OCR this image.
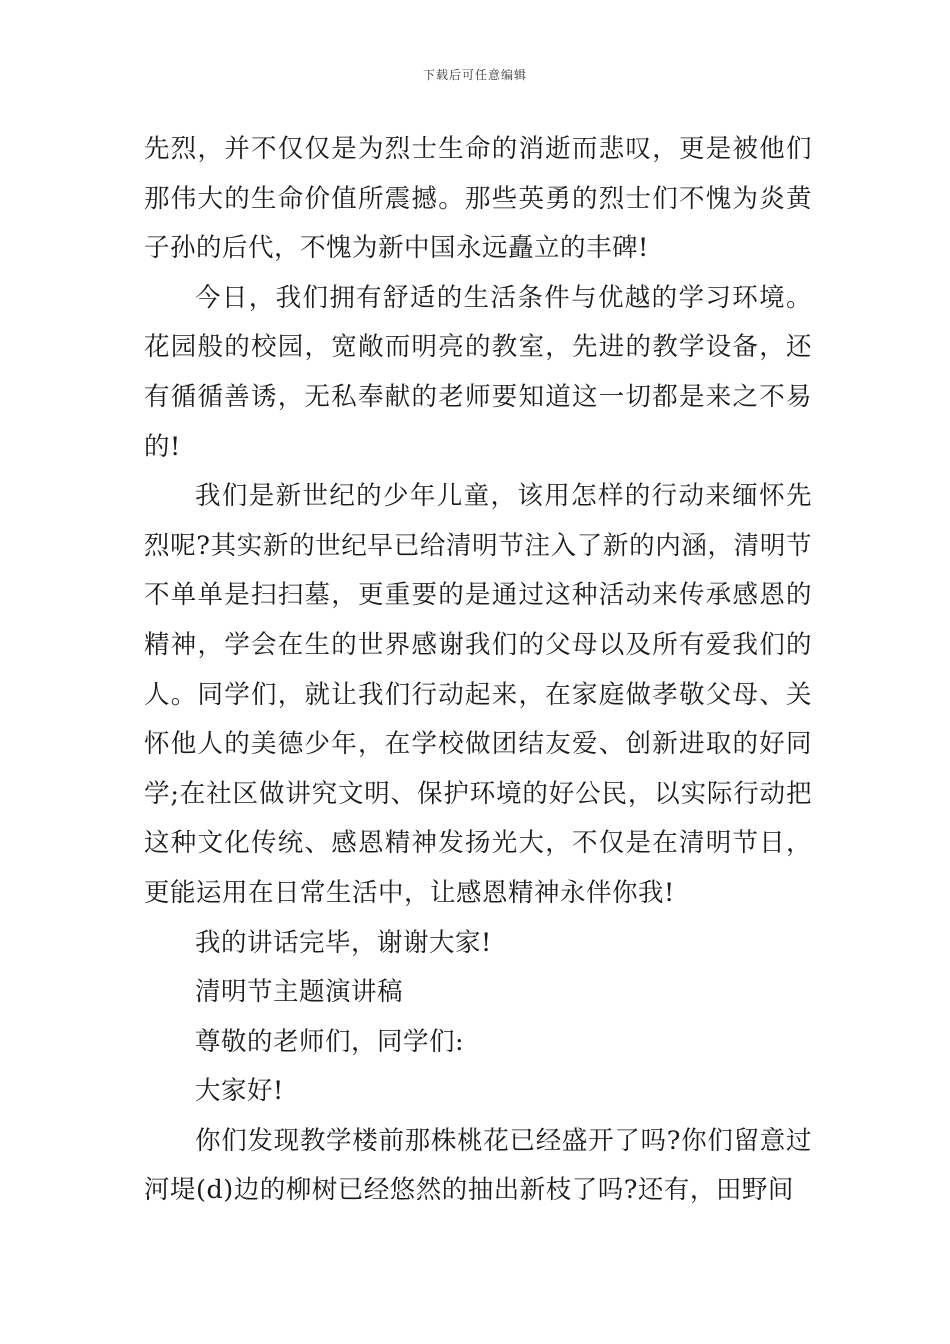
下载后可任意编辑

先烈，并不仅仅是为烈士生命的消逝而悲叹，更是被他们那伟大的生命价值所震撼。那些英勇的烈士们不愧为炎黄子孙的后代，不愧为新中国永远矗立的丰碑!

今日，我们拥有舒适的生活条件与优越的学习环境。花园般的校园，宽敞而明亮的教室，先进的教学设备，还有循循善诱，无私奉献的老师要知道这一切都是来之不易的!

我们是新世纪的少年儿童，该用怎样的行动来缅怀先烈呢?其实新的世纪早已给清明节注入了新的内涵，清明节不单单是扫扫墓，更重要的是通过这种活动来传承感恩的精神，学会在生的世界感谢我们的父母以及所有爱我们的人。同学们，就让我们行动起来，在家庭做孝敬父母、关怀他人的美德少年，在学校做团结友爱、创新进取的好同学;在社区做讲究文明、保护环境的好公民，以实际行动把这种文化传统、感恩精神发扬光大，不仅是在清明节日，更能运用在日常生活中，让感恩精神永伴你我!

我的讲话完毕，谢谢大家!

清明节主题演讲稿

尊敬的老师们，同学们:

大家好!

你们发现教学楼前那株桃花已经盛开了吗?你们留意过河堤(d)边的柳树已经悠然的抽出新枝了吗?还有，田野间
